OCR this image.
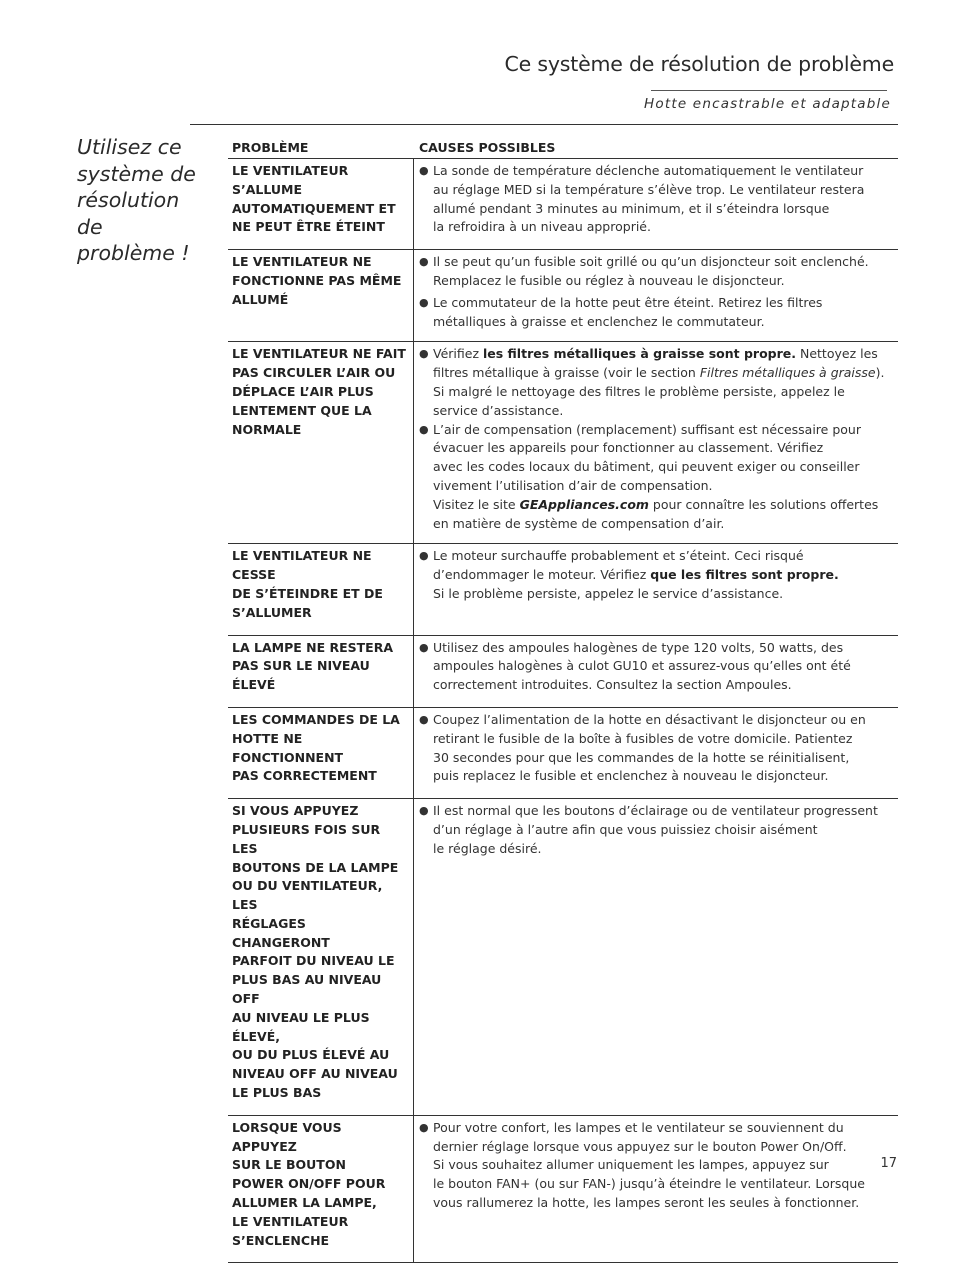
Ce système de résolution de problème
Hotte encastrable et adaptable
Utilisez ce
système de
résolution
de
problème !
PROBLÈME	CAUSES POSSIBLES
LE VENTILATEUR S’ALLUME
AUTOMATIQUEMENT ET
NE PEUT ÊTRE ÉTEINT
● La sonde de température déclenche automatiquement le ventilateur
au réglage MED si la température s’élève trop. Le ventilateur restera
allumé pendant 3 minutes au minimum, et il s’éteindra lorsque
la refroidira à un niveau approprié.
LE VENTILATEUR NE
FONCTIONNE PAS MÊME
ALLUMÉ
● Il se peut qu’un fusible soit grillé ou qu’un disjoncteur soit enclenché.
Remplacez le fusible ou réglez à nouveau le disjoncteur.
● Le commutateur de la hotte peut être éteint. Retirez les filtres
métalliques à graisse et enclenchez le commutateur.
LE VENTILATEUR NE FAIT
PAS CIRCULER L’AIR OU
DÉPLACE L’AIR PLUS
LENTEMENT QUE LA
NORMALE
● Vérifiez les filtres métalliques à graisse sont propre. Nettoyez les
filtres métallique à graisse (voir le section Filtres métalliques à graisse).
Si malgré le nettoyage des filtres le problème persiste, appelez le
service d’assistance.
● L’air de compensation (remplacement) suffisant est nécessaire pour
évacuer les appareils pour fonctionner au classement. Vérifiez
avec les codes locaux du bâtiment, qui peuvent exiger ou conseiller
vivement l’utilisation d’air de compensation.
Visitez le site GEAppliances.com pour connaître les solutions offertes
en matière de système de compensation d’air.
LE VENTILATEUR NE CESSE
DE S’ÉTEINDRE ET DE
S’ALLUMER
● Le moteur surchauffe probablement et s’éteint. Ceci risqué
d’endommager le moteur. Vérifiez que les filtres sont propre.
Si le problème persiste, appelez le service d’assistance.
LA LAMPE NE RESTERA
PAS SUR LE NIVEAU ÉLEVÉ
● Utilisez des ampoules halogènes de type 120 volts, 50 watts, des
ampoules halogènes à culot GU10 et assurez-vous qu’elles ont été
correctement introduites. Consultez la section Ampoules.
LES COMMANDES DE LA
HOTTE NE FONCTIONNENT
PAS CORRECTEMENT
● Coupez l’alimentation de la hotte en désactivant le disjoncteur ou en
retirant le fusible de la boîte à fusibles de votre domicile. Patientez
30 secondes pour que les commandes de la hotte se réinitialisent,
puis replacez le fusible et enclenchez à nouveau le disjoncteur.
SI VOUS APPUYEZ
PLUSIEURS FOIS SUR LES
BOUTONS DE LA LAMPE
OU DU VENTILATEUR, LES
RÉGLAGES CHANGERONT
PARFOIT DU NIVEAU LE
PLUS BAS AU NIVEAU OFF
AU NIVEAU LE PLUS ÉLEVÉ,
OU DU PLUS ÉLEVÉ AU
NIVEAU OFF AU NIVEAU
LE PLUS BAS
● Il est normal que les boutons d’éclairage ou de ventilateur progressent
d’un réglage à l’autre afin que vous puissiez choisir aisément
le réglage désiré.
LORSQUE VOUS APPUYEZ
SUR LE BOUTON
POWER ON/OFF POUR
ALLUMER LA LAMPE,
LE VENTILATEUR
S’ENCLENCHE
● Pour votre confort, les lampes et le ventilateur se souviennent du
dernier réglage lorsque vous appuyez sur le bouton Power On/Off.
Si vous souhaitez allumer uniquement les lampes, appuyez sur
le bouton FAN+ (ou sur FAN-) jusqu’à éteindre le ventilateur. Lorsque
vous rallumerez la hotte, les lampes seront les seules à fonctionner.
17
